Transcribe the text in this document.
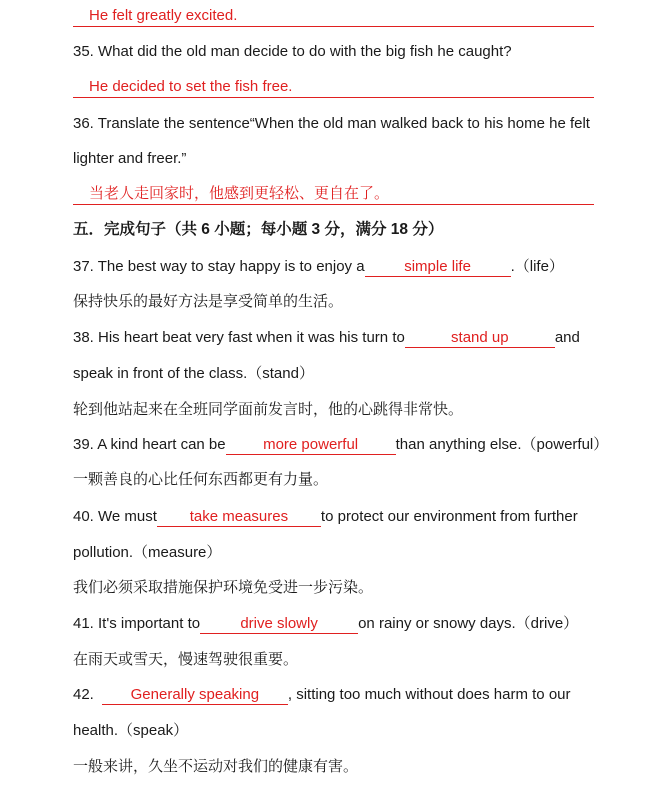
He felt greatly excited.
35. What did the old man decide to do with the big fish he caught?
He decided to set the fish free.
36. Translate the sentence“When the old man walked back to his home he felt
lighter and freer.”
当老人走回家时，他感到更轻松、更自在了。
五．完成句子（共 6 小题；每小题 3 分，满分 18 分）
37. The best way to stay happy is to enjoy a	simple life	.（life）
保持快乐的最好方法是享受简单的生活。
38. His heart beat very fast when it was his turn to	stand up	and
speak in front of the class.（stand）
轮到他站起来在全班同学面前发言时，他的心跳得非常快。
39. A kind heart can be more powerful than anything else.（powerful）
一颗善良的心比任何东西都更有力量。
40. We must take measures to protect our environment from further
pollution.（measure）
我们必须采取措施保护环境免受进一步污染。
41. It's important to	drive slowly	on rainy or snowy days.（drive）
在雨天或雪天，慢速驾驶很重要。
42. Generally speaking , sitting too much without does harm to our
health.（speak）
一般来讲，久坐不运动对我们的健康有害。
